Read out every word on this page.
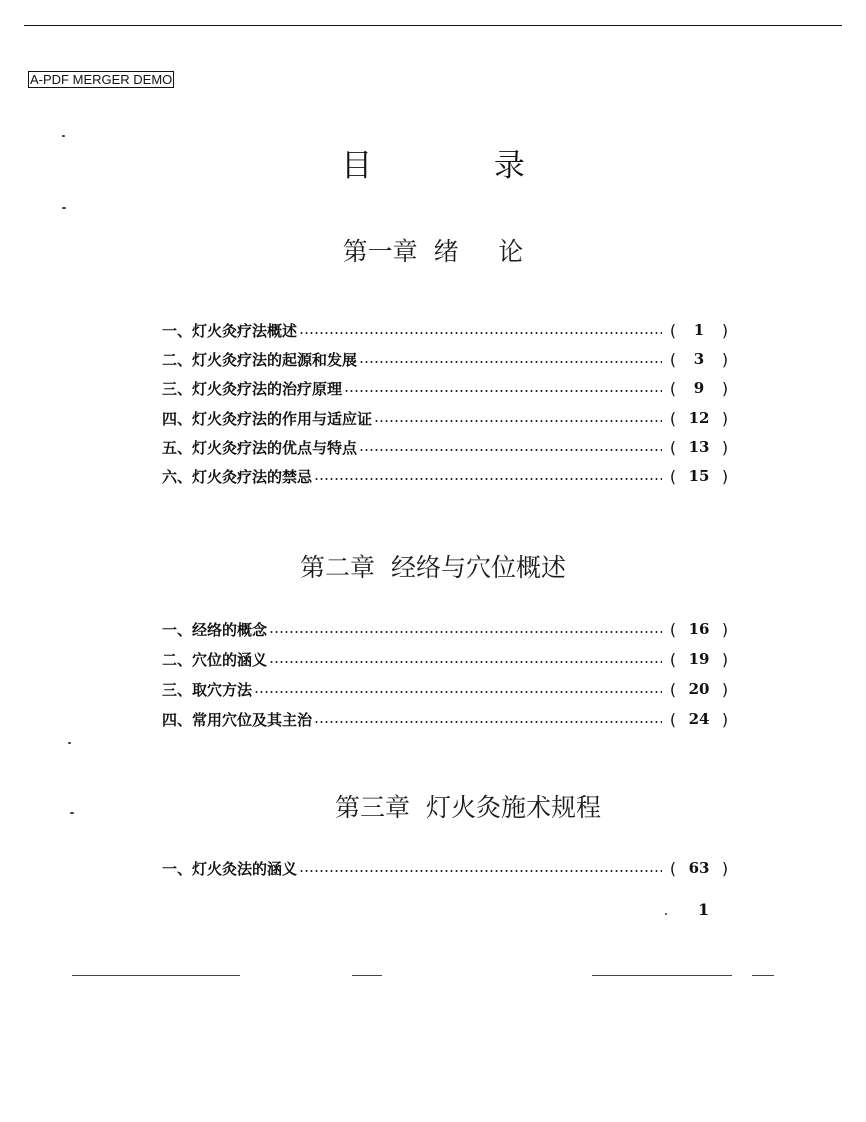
A-PDF MERGER DEMO
目 录
第一章  绪     论
一、灯火灸疗法概述	(	1	)
二、灯火灸疗法的起源和发展	(	3	)
三、灯火灸疗法的治疗原理	(	9	)
四、灯火灸疗法的作用与适应证	( 12 )
五、灯火灸疗法的优点与特点	( 13 )
六、灯火灸疗法的禁忌	( 15 )
第二章  经络与穴位概述
一、经络的概念	( 16 )
二、穴位的涵义	( 19 )
三、取穴方法	( 20 )
四、常用穴位及其主治	( 24 )
第三章  灯火灸施术规程
一、灯火灸法的涵义	( 63 )
1
